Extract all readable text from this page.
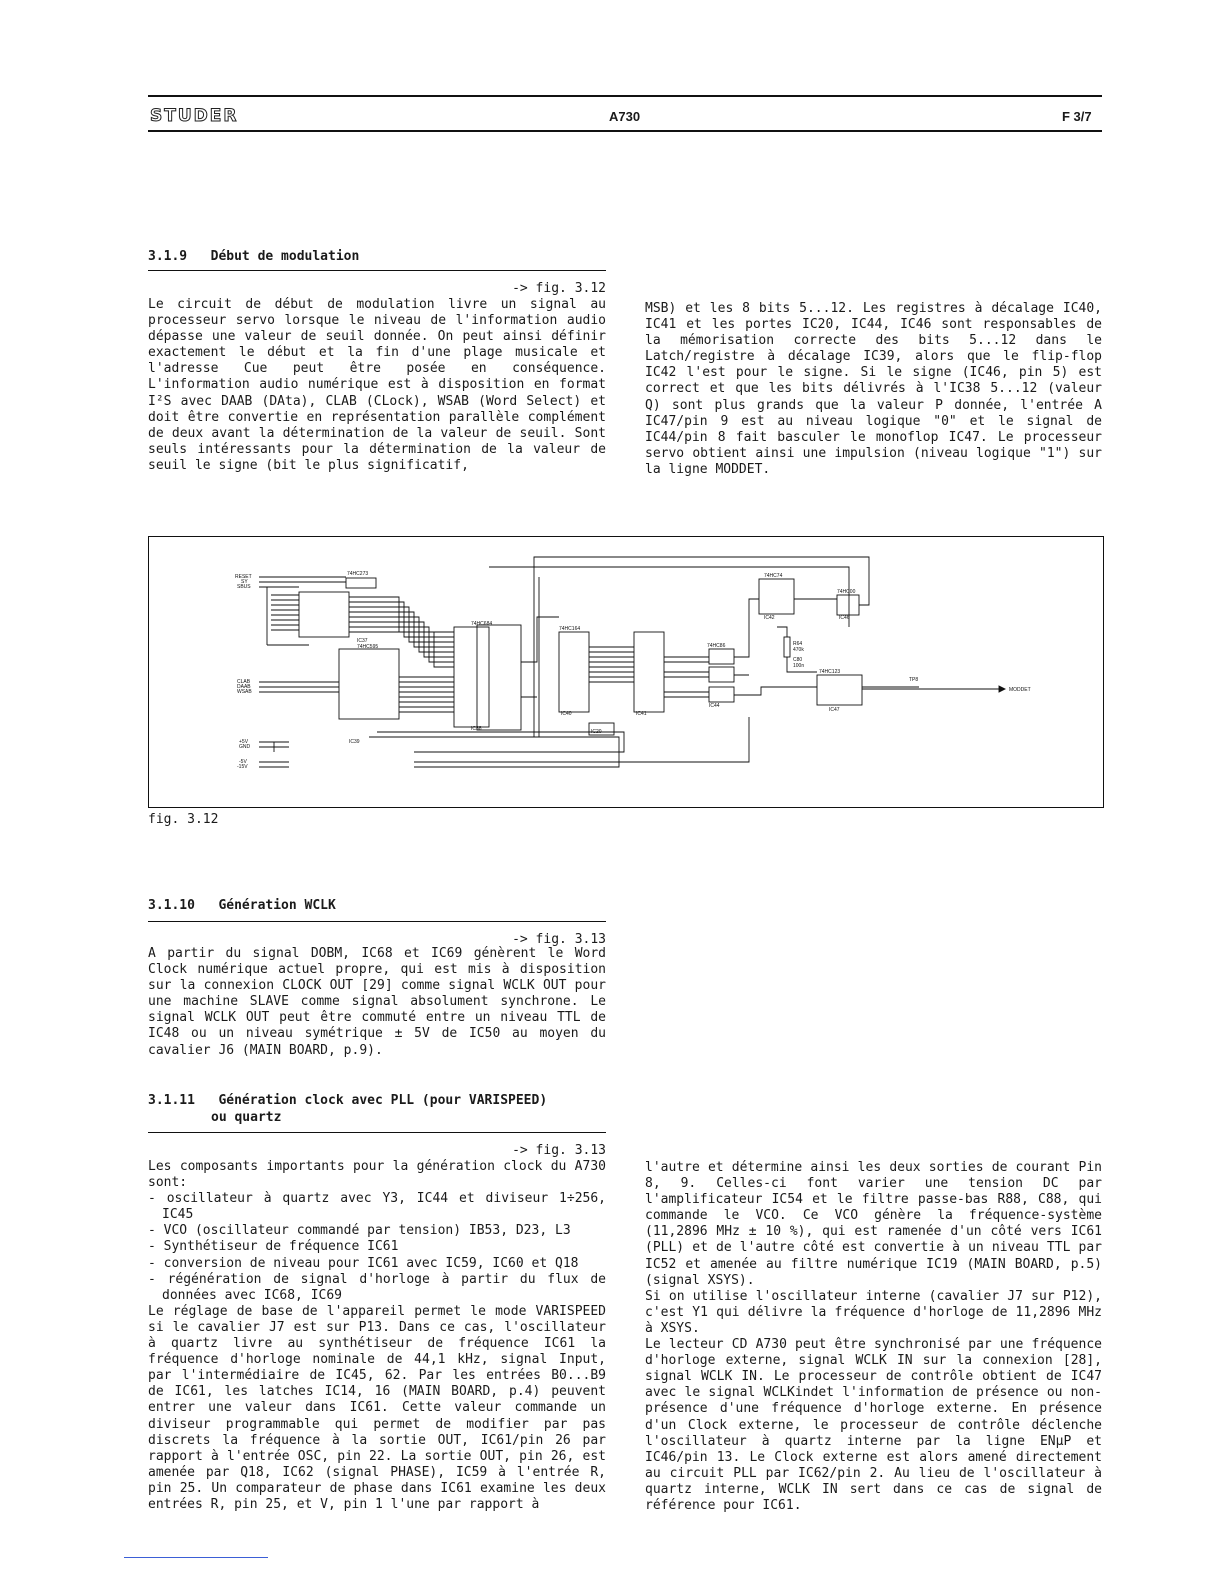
STUDER	A730	F 3/7
3.1.9   Début de modulation
-> fig. 3.12
Le circuit de début de modulation livre un signal au processeur servo lorsque le niveau de l'information audio dépasse une valeur de seuil donnée. On peut ainsi définir exactement le début et la fin d'une plage musicale et l'adresse Cue peut être posée en conséquence. L'information audio numérique est à disposition en format I²S avec DAAB (DAta), CLAB (CLock), WSAB (Word Select) et doit être convertie en représentation parallèle complément de deux avant la détermination de la valeur de seuil. Sont seuls intéressants pour la détermination de la valeur de seuil le signe (bit le plus significatif,
MSB) et les 8 bits 5...12. Les registres à décalage IC40, IC41 et les portes IC20, IC44, IC46 sont responsables de la mémorisation correcte des bits 5...12 dans le Latch/registre à décalage IC39, alors que le flip-flop IC42 l'est pour le signe. Si le signe (IC46, pin 5) est correct et que les bits délivrés à l'IC38 5...12 (valeur Q) sont plus grands que la valeur P donnée, l'entrée A IC47/pin 9 est au niveau logique "0" et le signal de IC44/pin 8 fait basculer le monoflop IC47. Le processeur servo obtient ainsi une impulsion (niveau logique "1") sur la ligne MODDET.
RESET
SY
SBUS
CLAB
DAAB
WSAB
+5V
GND
-5V
-15V
74HC273
IC37
74HC595
IC39
74HC684
IC38
74HC164
IC40	IC41
74HC86
IC44
74HC74
IC42
74HC00
IC46
74HC123
IC47
IC20
R64
470k
C80
100n
TP8
MODDET
fig. 3.12
3.1.10   Génération WCLK
-> fig. 3.13
A partir du signal DOBM, IC68 et IC69 génèrent le Word Clock numérique actuel propre, qui est mis à disposition sur la connexion CLOCK OUT [29] comme signal WCLK OUT pour une machine SLAVE comme signal absolument synchrone. Le signal WCLK OUT peut être commuté entre un niveau TTL de IC48 ou un niveau symétrique ± 5V de IC50 au moyen du cavalier J6 (MAIN BOARD, p.9).
3.1.11   Génération clock avec PLL (pour VARISPEED)
ou quartz
-> fig. 3.13

Les composants importants pour la génération clock du A730 sont:

- oscillateur à quartz avec Y3, IC44 et diviseur 1÷256, IC45
- VCO (oscillateur commandé par tension) IB53, D23, L3
- Synthétiseur de fréquence IC61
- conversion de niveau pour IC61 avec IC59, IC60 et Q18
- régénération de signal d'horloge à partir du flux de données avec IC68, IC69

Le réglage de base de l'appareil permet le mode VARISPEED si le cavalier J7 est sur P13. Dans ce cas, l'oscillateur à quartz livre au synthétiseur de fréquence IC61 la fréquence d'horloge nominale de 44,1 kHz, signal Input, par l'intermédiaire de IC45, 62. Par les entrées B0...B9 de IC61, les latches IC14, 16 (MAIN BOARD, p.4) peuvent entrer une valeur dans IC61. Cette valeur commande un diviseur programmable qui permet de modifier par pas discrets la fréquence à la sortie OUT, IC61/pin 26 par rapport à l'entrée OSC, pin 22. La sortie OUT, pin 26, est amenée par Q18, IC62 (signal PHASE), IC59 à l'entrée R, pin 25. Un comparateur de phase dans IC61 examine les deux entrées R, pin 25, et V, pin 1 l'une par rapport à

l'autre et détermine ainsi les deux sorties de courant Pin 8, 9. Celles-ci font varier une tension DC par l'amplificateur IC54 et le filtre passe-bas R88, C88, qui commande le VCO. Ce VCO génère la fréquence-système (11,2896 MHz ± 10 %), qui est ramenée d'un côté vers IC61 (PLL) et de l'autre côté est convertie à un niveau TTL par IC52 et amenée au filtre numérique IC19 (MAIN BOARD, p.5) (signal XSYS).

Si on utilise l'oscillateur interne (cavalier J7 sur P12), c'est Y1 qui délivre la fréquence d'horloge de 11,2896 MHz à XSYS.

Le lecteur CD A730 peut être synchronisé par une fréquence d'horloge externe, signal WCLK IN sur la connexion [28], signal WCLK IN. Le processeur de contrôle obtient de IC47 avec le signal WCLKindet l'information de présence ou non-présence d'une fréquence d'horloge externe. En présence d'un Clock externe, le processeur de contrôle déclenche l'oscillateur à quartz interne par la ligne ENµP et IC46/pin 13. Le Clock externe est alors amené directement au circuit PLL par IC62/pin 2. Au lieu de l'oscillateur à quartz interne, WCLK IN sert dans ce cas de signal de référence pour IC61.
